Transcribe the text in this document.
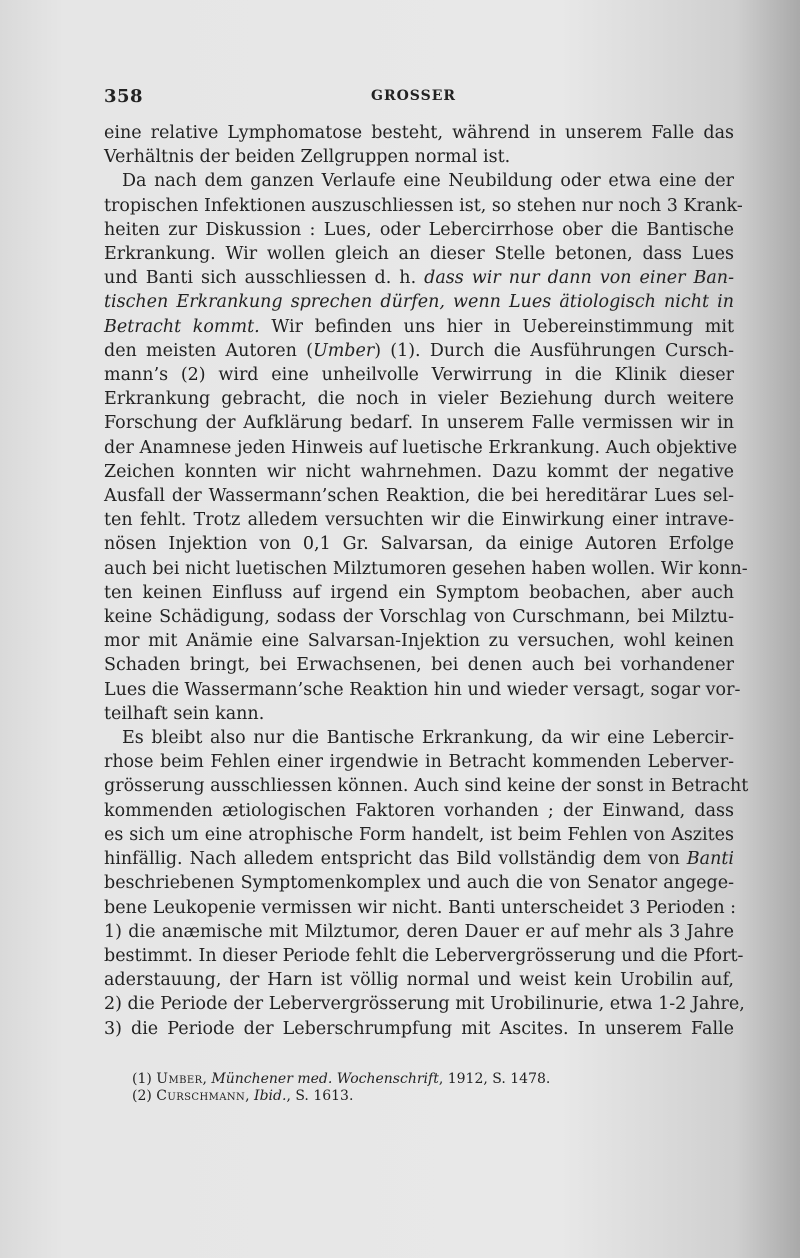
358	GROSSER
eine relative Lymphomatose besteht, während in unserem Falle das
Verhältnis der beiden Zellgruppen normal ist.
Da nach dem ganzen Verlaufe eine Neubildung oder etwa eine der
tropischen Infektionen auszuschliessen ist, so stehen nur noch 3 Krank-
heiten zur Diskussion : Lues, oder Lebercirrhose ober die Bantische
Erkrankung. Wir wollen gleich an dieser Stelle betonen, dass Lues
und Banti sich ausschliessen d. h. dass wir nur dann von einer Ban-
tischen Erkrankung sprechen dürfen, wenn Lues ätiologisch nicht in
Betracht kommt. Wir befinden uns hier in Uebereinstimmung mit
den meisten Autoren (Umber) (1). Durch die Ausführungen Cursch-
mann’s (2) wird eine unheilvolle Verwirrung in die Klinik dieser
Erkrankung gebracht, die noch in vieler Beziehung durch weitere
Forschung der Aufklärung bedarf. In unserem Falle vermissen wir in
der Anamnese jeden Hinweis auf luetische Erkrankung. Auch objektive
Zeichen konnten wir nicht wahrnehmen. Dazu kommt der negative
Ausfall der Wassermann’schen Reaktion, die bei hereditärar Lues sel-
ten fehlt. Trotz alledem versuchten wir die Einwirkung einer intrave-
nösen Injektion von 0,1 Gr. Salvarsan, da einige Autoren Erfolge
auch bei nicht luetischen Milztumoren gesehen haben wollen. Wir konn-
ten keinen Einfluss auf irgend ein Symptom beobachen, aber auch
keine Schädigung, sodass der Vorschlag von Curschmann, bei Milztu-
mor mit Anämie eine Salvarsan-Injektion zu versuchen, wohl keinen
Schaden bringt, bei Erwachsenen, bei denen auch bei vorhandener
Lues die Wassermann’sche Reaktion hin und wieder versagt, sogar vor-
teilhaft sein kann.
Es bleibt also nur die Bantische Erkrankung, da wir eine Lebercir-
rhose beim Fehlen einer irgendwie in Betracht kommenden Leberver-
grösserung ausschliessen können. Auch sind keine der sonst in Betracht
kommenden ætiologischen Faktoren vorhanden ; der Einwand, dass
es sich um eine atrophische Form handelt, ist beim Fehlen von Aszites
hinfällig. Nach alledem entspricht das Bild vollständig dem von Banti
beschriebenen Symptomenkomplex und auch die von Senator angege-
bene Leukopenie vermissen wir nicht. Banti unterscheidet 3 Perioden :
1) die anæmische mit Milztumor, deren Dauer er auf mehr als 3 Jahre
bestimmt. In dieser Periode fehlt die Lebervergrösserung und die Pfort-
aderstauung, der Harn ist völlig normal und weist kein Urobilin auf,
2) die Periode der Lebervergrösserung mit Urobilinurie, etwa 1-2 Jahre,
3) die Periode der Leberschrumpfung mit Ascites. In unserem Falle
(1) Umber, Münchener med. Wochenschrift, 1912, S. 1478.
(2) Curschmann, Ibid., S. 1613.
